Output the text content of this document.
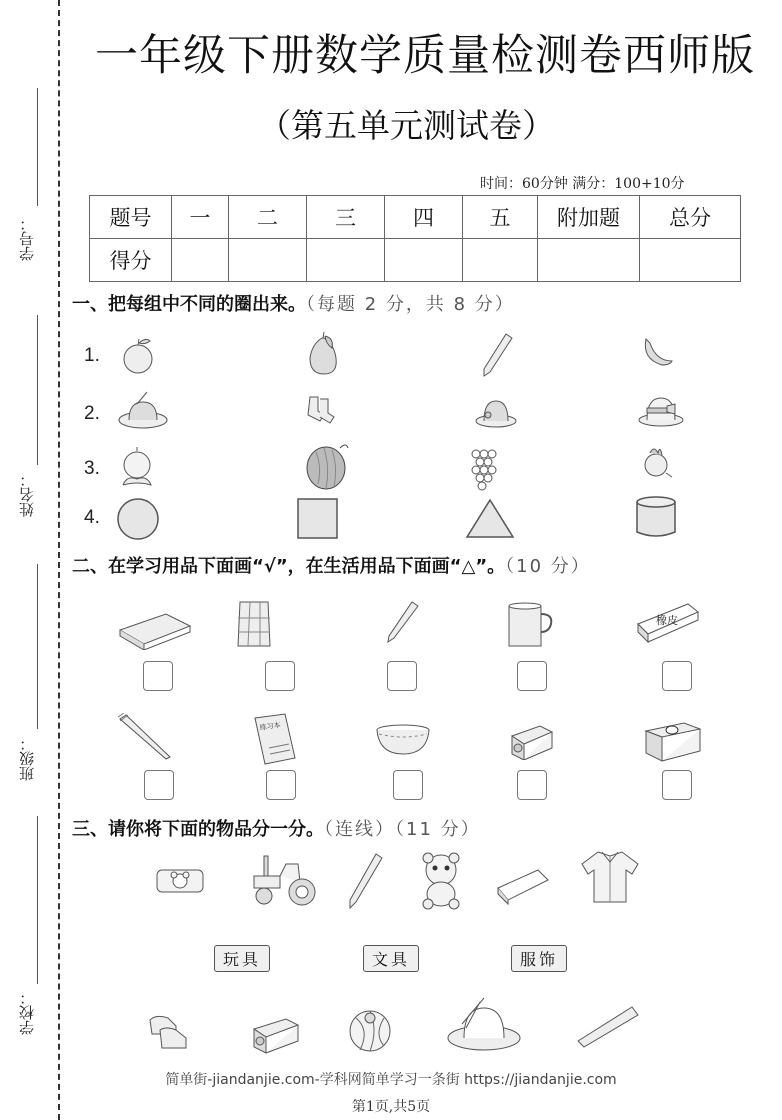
学号：
姓名：
班级：
学校：
一年级下册数学质量检测卷西师版
（第五单元测试卷）
时间：60分钟 满分：100+10分
题号	一	二	三	四	五	附加题	总分
得分							
一、把每组中不同的圈出来。（每题 2 分，共 8 分）
1.
2.
3.
4.
二、在学习用品下面画“√”，在生活用品下面画“△”。（10 分）
橡皮
练习本
三、请你将下面的物品分一分。（连线）（11 分）
玩具	文具	服饰
简单街-jiandanjie.com-学科网简单学习一条街 https://jiandanjie.com
第1页,共5页
